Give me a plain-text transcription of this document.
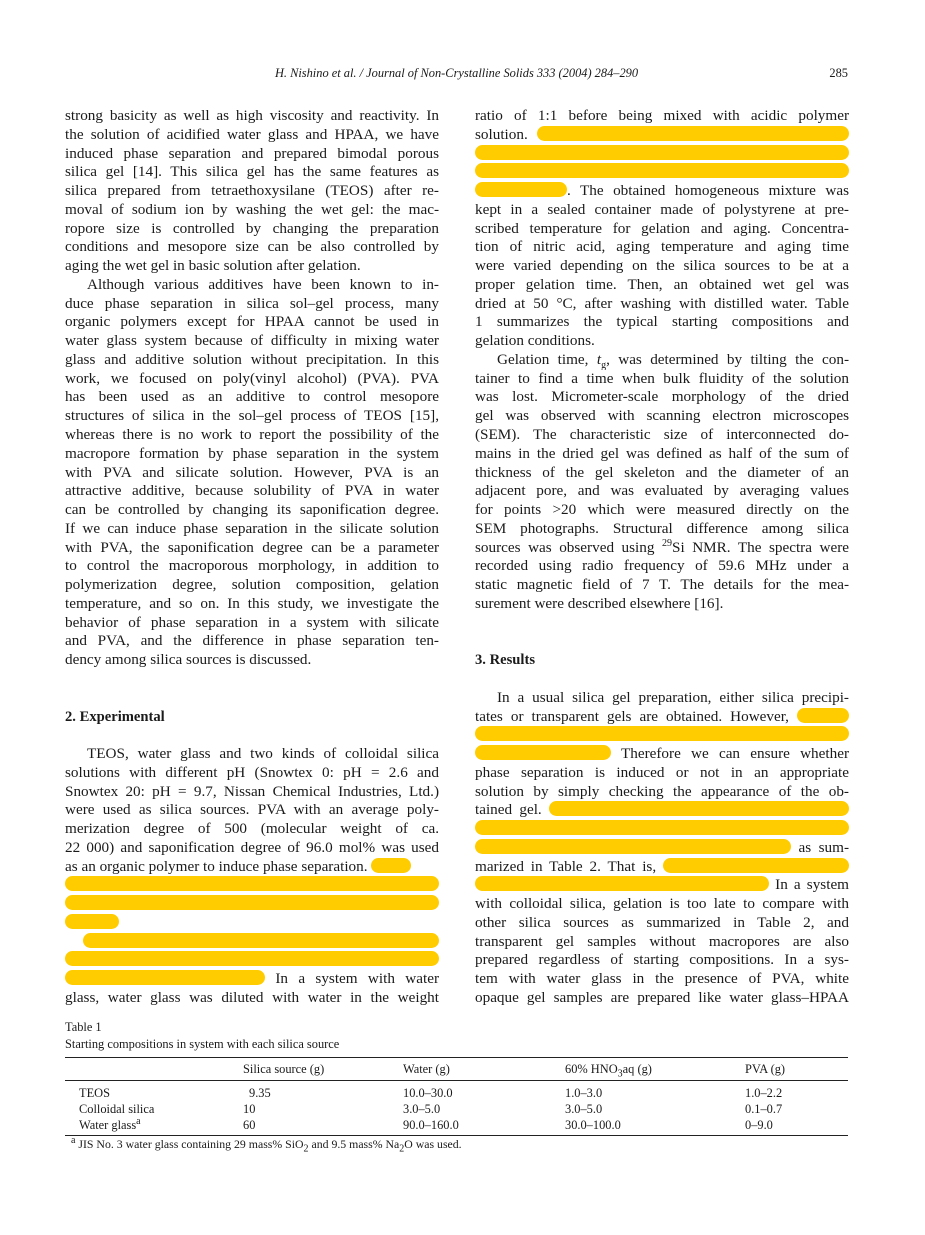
H. Nishino et al. / Journal of Non-Crystalline Solids 333 (2004) 284–290	285
strong basicity as well as high viscosity and reactivity. In
the solution of acidified water glass and HPAA, we have
induced phase separation and prepared bimodal porous
silica gel [14]. This silica gel has the same features as
silica prepared from tetraethoxysilane (TEOS) after re-
moval of sodium ion by washing the wet gel: the mac-
ropore size is controlled by changing the preparation
conditions and mesopore size can be also controlled by
aging the wet gel in basic solution after gelation.
Although various additives have been known to in-
duce phase separation in silica sol–gel process, many
organic polymers except for HPAA cannot be used in
water glass system because of difficulty in mixing water
glass and additive solution without precipitation. In this
work, we focused on poly(vinyl alcohol) (PVA). PVA
has been used as an additive to control mesopore
structures of silica in the sol–gel process of TEOS [15],
whereas there is no work to report the possibility of the
macropore formation by phase separation in the system
with PVA and silicate solution. However, PVA is an
attractive additive, because solubility of PVA in water
can be controlled by changing its saponification degree.
If we can induce phase separation in the silicate solution
with PVA, the saponification degree can be a parameter
to control the macroporous morphology, in addition to
polymerization degree, solution composition, gelation
temperature, and so on. In this study, we investigate the
behavior of phase separation in a system with silicate
and PVA, and the difference in phase separation ten-
dency among silica sources is discussed.
2. Experimental
TEOS, water glass and two kinds of colloidal silica
solutions with different pH (Snowtex 0: pH = 2.6 and
Snowtex 20: pH = 9.7, Nissan Chemical Industries, Ltd.)
were used as silica sources. PVA with an average poly-
merization degree of 500 (molecular weight of ca.
22 000) and saponification degree of 96.0 mol% was used
as an organic polymer to induce phase separation.
In a system with water
glass, water glass was diluted with water in the weight
ratio of 1:1 before being mixed with acidic polymer
solution.
. The obtained homogeneous mixture was
kept in a sealed container made of polystyrene at pre-
scribed temperature for gelation and aging. Concentra-
tion of nitric acid, aging temperature and aging time
were varied depending on the silica sources to be at a
proper gelation time. Then, an obtained wet gel was
dried at 50 °C, after washing with distilled water. Table
1 summarizes the typical starting compositions and
gelation conditions.
Gelation time, $t_g$, was determined by tilting the con-
tainer to find a time when bulk fluidity of the solution
was lost. Micrometer-scale morphology of the dried
gel was observed with scanning electron microscopes
(SEM). The characteristic size of interconnected do-
mains in the dried gel was defined as half of the sum of
thickness of the gel skeleton and the diameter of an
adjacent pore, and was evaluated by averaging values
for points >20 which were measured directly on the
SEM photographs. Structural difference among silica
sources was observed using $^{29}$Si NMR. The spectra were
recorded using radio frequency of 59.6 MHz under a
static magnetic field of 7 T. The details for the mea-
surement were described elsewhere [16].
3. Results
In a usual silica gel preparation, either silica precipi-
tates or transparent gels are obtained. However,
Therefore we can ensure whether
phase separation is induced or not in an appropriate
solution by simply checking the appearance of the ob-
tained gel.
as sum-
marized in Table 2. That is,
In a system
with colloidal silica, gelation is too late to compare with
other silica sources as summarized in Table 2, and
transparent gel samples without macropores are also
prepared regardless of starting compositions. In a sys-
tem with water glass in the presence of PVA, white
opaque gel samples are prepared like water glass–HPAA
Table 1
Starting compositions in system with each silica source
Silica source (g)	Water (g)	60% $HNO_3aq$ (g)	PVA (g)
TEOS	9.35	10.0–30.0	1.0–3.0	1.0–2.2
Colloidal silica	10	3.0–5.0	3.0–5.0	0.1–0.7
Water glass$^a$	60	90.0–160.0	30.0–100.0	0–9.0
$^a$ JIS No. 3 water glass containing 29 mass% SiO$_2$ and 9.5 mass% $Na_2O$ was used.
